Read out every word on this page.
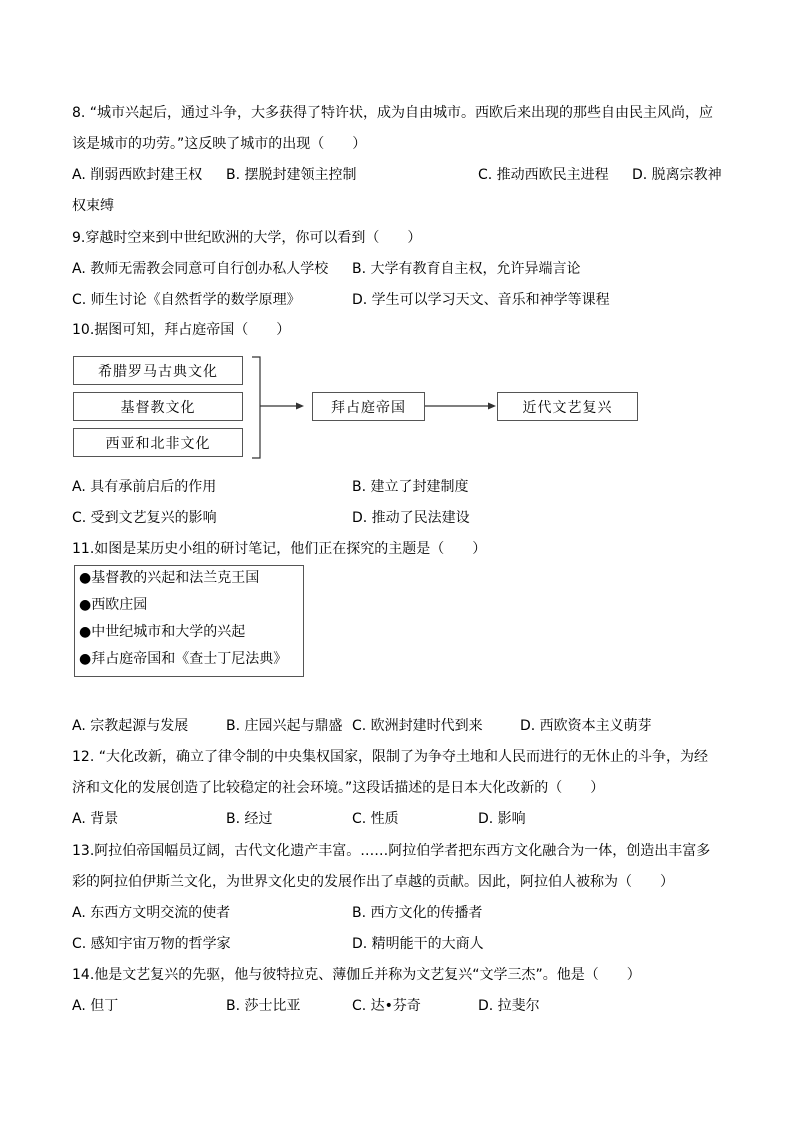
8. “城市兴起后，通过斗争，大多获得了特许状，成为自由城市。西欧后来出现的那些自由民主风尚，应
该是城市的功劳。”这反映了城市的出现（　　）
A. 削弱西欧封建王权 B. 摆脱封建领主控制	C. 推动西欧民主进程 D. 脱离宗教神
权束缚
9.穿越时空来到中世纪欧洲的大学，你可以看到（　　）
A. 教师无需教会同意可自行创办私人学校 B. 大学有教育自主权，允许异端言论
C. 师生讨论《自然哲学的数学原理》	D. 学生可以学习天文、音乐和神学等课程
10.据图可知，拜占庭帝国（　　）
希腊罗马古典文化
基督教文化
西亚和北非文化
拜占庭帝国	近代文艺复兴
A. 具有承前启后的作用	B. 建立了封建制度
C. 受到文艺复兴的影响	D. 推动了民法建设
11.如图是某历史小组的研讨笔记，他们正在探究的主题是（　　）
●基督教的兴起和法兰克王国
●西欧庄园
●中世纪城市和大学的兴起
●拜占庭帝国和《查士丁尼法典》
A. 宗教起源与发展	B. 庄园兴起与鼎盛 C. 欧洲封建时代到来	D. 西欧资本主义萌芽
12. “大化改新，确立了律令制的中央集权国家，限制了为争夺土地和人民而进行的无休止的斗争，为经
济和文化的发展创造了比较稳定的社会环境。”这段话描述的是日本大化改新的（　　）
A. 背景	B. 经过	C. 性质	D. 影响
13.阿拉伯帝国幅员辽阔，古代文化遗产丰富。……阿拉伯学者把东西方文化融合为一体，创造出丰富多
彩的阿拉伯伊斯兰文化，为世界文化史的发展作出了卓越的贡献。因此，阿拉伯人被称为（　　）
A. 东西方文明交流的使者	B. 西方文化的传播者
C. 感知宇宙万物的哲学家	D. 精明能干的大商人
14.他是文艺复兴的先驱，他与彼特拉克、薄伽丘并称为文艺复兴“文学三杰”。他是（　　）
A. 但丁	B. 莎士比亚	C. 达•芬奇	D. 拉斐尔
